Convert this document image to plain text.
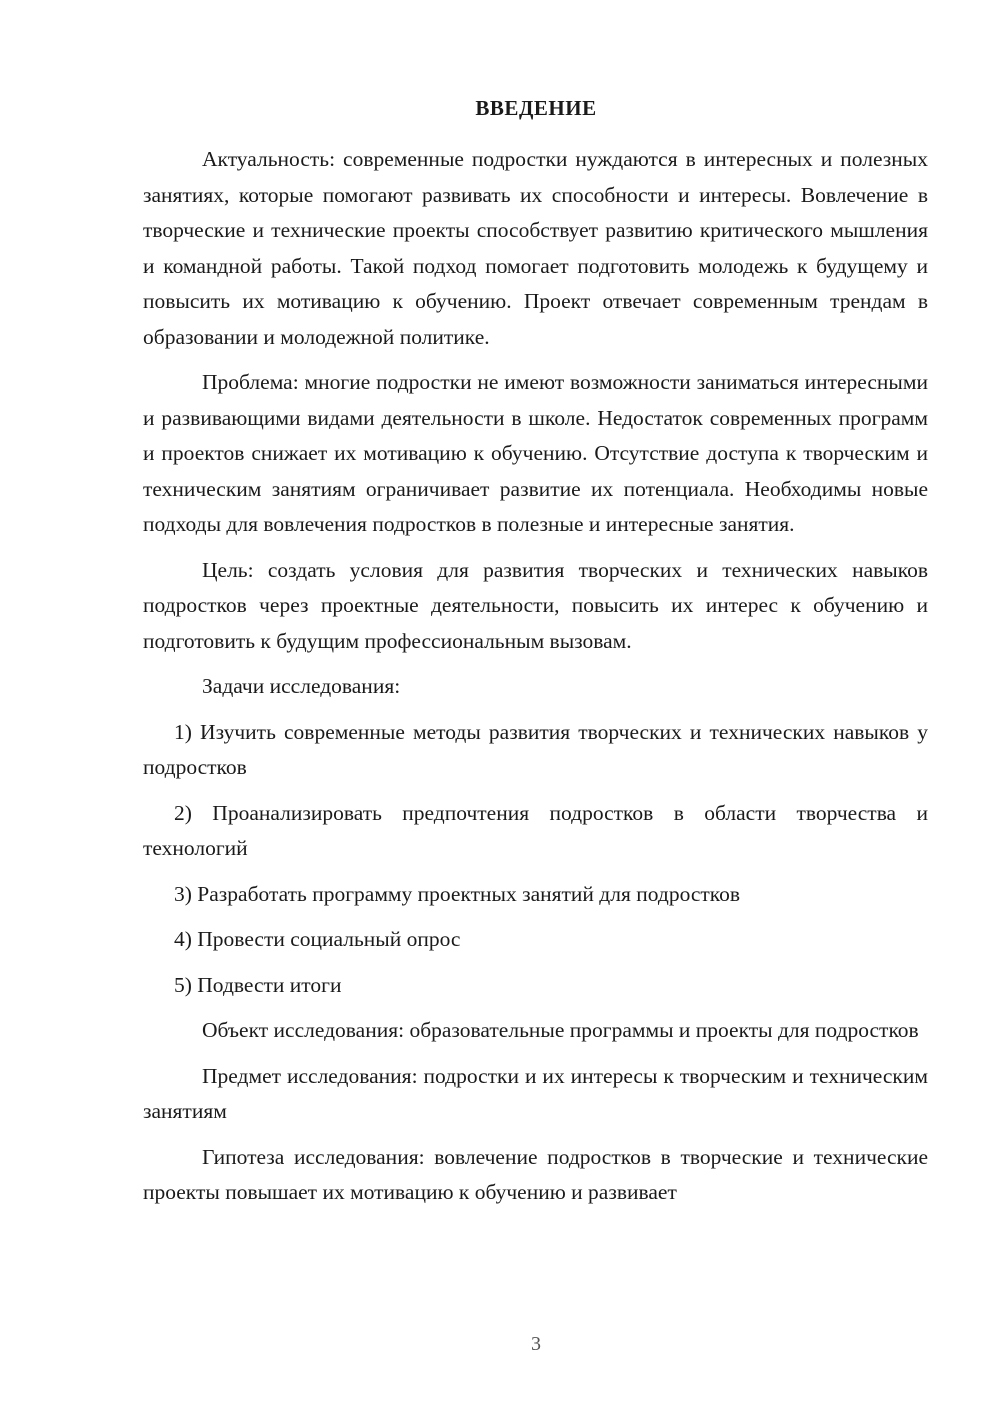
ВВЕДЕНИЕ

Актуальность: современные подростки нуждаются в интересных и полезных занятиях, которые помогают развивать их способности и интересы. Вовлечение в творческие и технические проекты способствует развитию критического мышления и командной работы. Такой подход помогает подготовить молодежь к будущему и повысить их мотивацию к обучению. Проект отвечает современным трендам в образовании и молодежной политике.

Проблема: многие подростки не имеют возможности заниматься интересными и развивающими видами деятельности в школе. Недостаток современных программ и проектов снижает их мотивацию к обучению. Отсутствие доступа к творческим и техническим занятиям ограничивает развитие их потенциала. Необходимы новые подходы для вовлечения подростков в полезные и интересные занятия.

Цель: создать условия для развития творческих и технических навыков подростков через проектные деятельности, повысить их интерес к обучению и подготовить к будущим профессиональным вызовам.

Задачи исследования:

1) Изучить современные методы развития творческих и технических навыков у подростков

2) Проанализировать предпочтения подростков в области творчества и технологий

3) Разработать программу проектных занятий для подростков

4) Провести социальный опрос

5) Подвести итоги

Объект исследования: образовательные программы и проекты для подростков

Предмет исследования: подростки и их интересы к творческим и техническим занятиям

Гипотеза исследования: вовлечение подростков в творческие и технические проекты повышает их мотивацию к обучению и развивает

3
